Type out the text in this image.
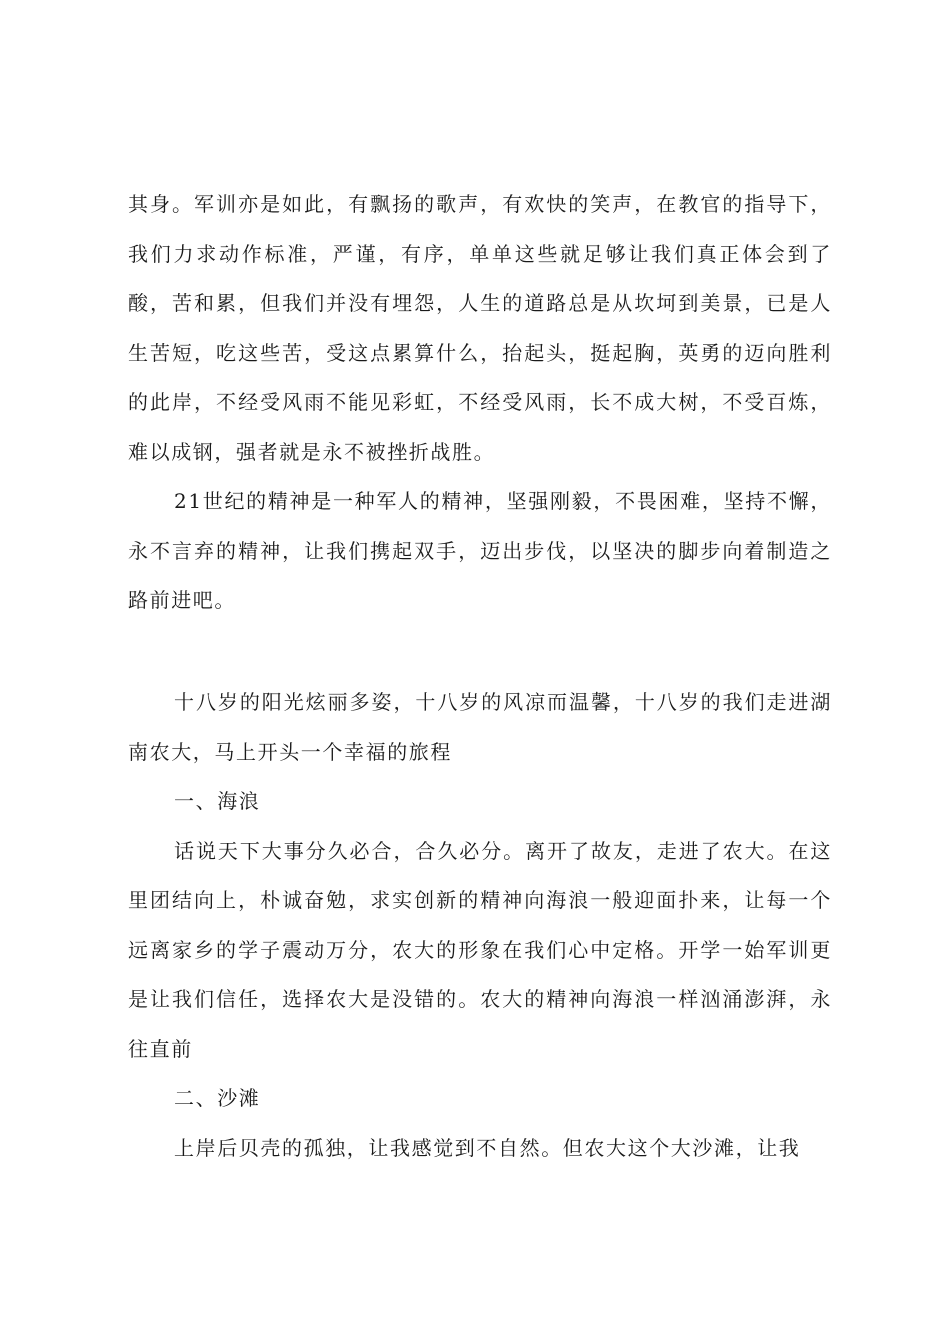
其身。军训亦是如此，有飘扬的歌声，有欢快的笑声，在教官的指导下，我们力求动作标准，严谨，有序，单单这些就足够让我们真正体会到了酸，苦和累，但我们并没有埋怨，人生的道路总是从坎坷到美景，已是人生苦短，吃这些苦，受这点累算什么，抬起头，挺起胸，英勇的迈向胜利的此岸，不经受风雨不能见彩虹，不经受风雨，长不成大树，不受百炼，难以成钢，强者就是永不被挫折战胜。

21世纪的精神是一种军人的精神，坚强刚毅，不畏困难，坚持不懈，永不言弃的精神，让我们携起双手，迈出步伐，以坚决的脚步向着制造之路前进吧。

十八岁的阳光炫丽多姿，十八岁的风凉而温馨，十八岁的我们走进湖南农大，马上开头一个幸福的旅程

一、海浪

话说天下大事分久必合，合久必分。离开了故友，走进了农大。在这里团结向上，朴诚奋勉，求实创新的精神向海浪一般迎面扑来，让每一个远离家乡的学子震动万分，农大的形象在我们心中定格。开学一始军训更是让我们信任，选择农大是没错的。农大的精神向海浪一样汹涌澎湃，永往直前

二、沙滩

上岸后贝壳的孤独，让我感觉到不自然。但农大这个大沙滩，让我
